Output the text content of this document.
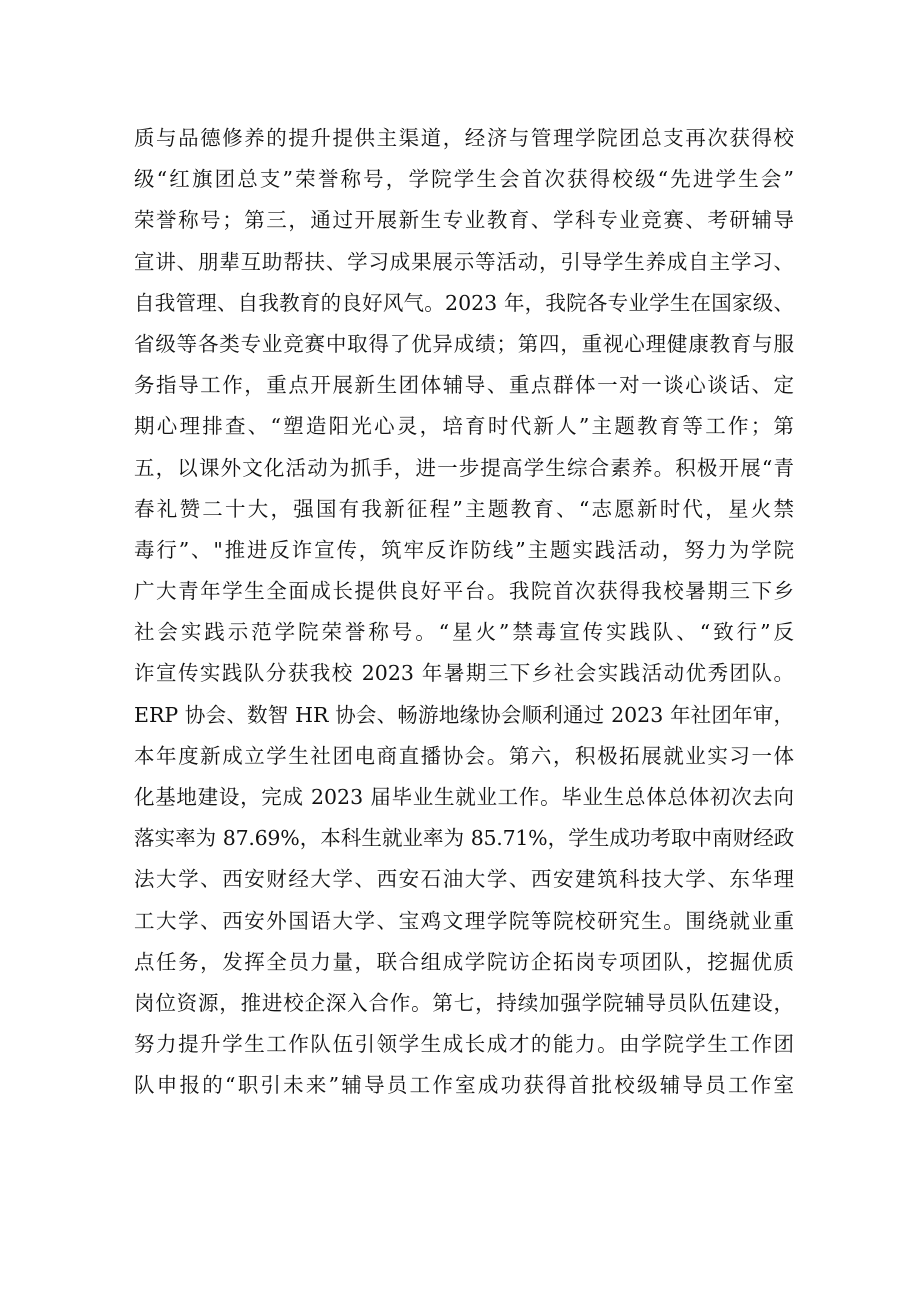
质与品德修养的提升提供主渠道，经济与管理学院团总支再次获得校
级“红旗团总支”荣誉称号，学院学生会首次获得校级“先进学生会”
荣誉称号；第三，通过开展新生专业教育、学科专业竞赛、考研辅导
宣讲、朋辈互助帮扶、学习成果展示等活动，引导学生养成自主学习、
自我管理、自我教育的良好风气。2023 年，我院各专业学生在国家级、
省级等各类专业竞赛中取得了优异成绩；第四，重视心理健康教育与服
务指导工作，重点开展新生团体辅导、重点群体一对一谈心谈话、定
期心理排查、“塑造阳光心灵，培育时代新人”主题教育等工作；第
五，以课外文化活动为抓手，进一步提高学生综合素养。积极开展“青
春礼赞二十大，强国有我新征程”主题教育、“志愿新时代，星火禁
毒行”、"推进反诈宣传，筑牢反诈防线”主题实践活动，努力为学院
广大青年学生全面成长提供良好平台。我院首次获得我校暑期三下乡
社会实践示范学院荣誉称号。“星火”禁毒宣传实践队、“致行”反
诈宣传实践队分获我校 2023 年暑期三下乡社会实践活动优秀团队。
ERP 协会、数智 HR 协会、畅游地缘协会顺利通过 2023 年社团年审，
本年度新成立学生社团电商直播协会。第六，积极拓展就业实习一体
化基地建设，完成 2023 届毕业生就业工作。毕业生总体总体初次去向
落实率为 87.69%，本科生就业率为 85.71%，学生成功考取中南财经政
法大学、西安财经大学、西安石油大学、西安建筑科技大学、东华理
工大学、西安外国语大学、宝鸡文理学院等院校研究生。围绕就业重
点任务，发挥全员力量，联合组成学院访企拓岗专项团队，挖掘优质
岗位资源，推进校企深入合作。第七，持续加强学院辅导员队伍建设，
努力提升学生工作队伍引领学生成长成才的能力。由学院学生工作团
队申报的“职引未来”辅导员工作室成功获得首批校级辅导员工作室
